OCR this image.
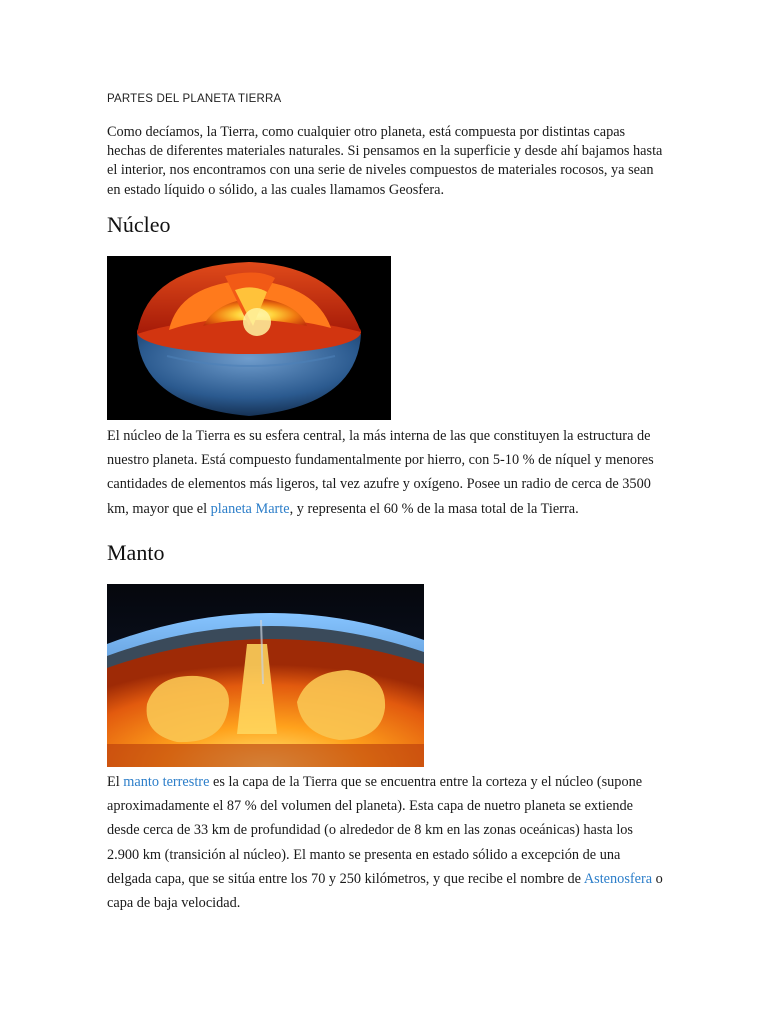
PARTES DEL PLANETA TIERRA

Como decíamos, la Tierra, como cualquier otro planeta, está compuesta por distintas capas hechas de diferentes materiales naturales. Si pensamos en la superficie y desde ahí bajamos hasta el interior, nos encontramos con una serie de niveles compuestos de materiales rocosos, ya sean en estado líquido o sólido, a las cuales llamamos Geosfera.

Núcleo

El núcleo de la Tierra es su esfera central, la más interna de las que constituyen la estructura de nuestro planeta. Está compuesto fundamentalmente por hierro, con 5-10 % de níquel y menores cantidades de elementos más ligeros, tal vez azufre y oxígeno. Posee un radio de cerca de 3500 km, mayor que el planeta Marte, y representa el 60 % de la masa total de la Tierra.

Manto

El manto terrestre es la capa de la Tierra que se encuentra entre la corteza y el núcleo (supone aproximadamente el 87 % del volumen del planeta). Esta capa de nuetro planeta se extiende desde cerca de 33 km de profundidad (o alrededor de 8 km en las zonas oceánicas) hasta los 2.900 km (transición al núcleo). El manto se presenta en estado sólido a excepción de una delgada capa, que se sitúa entre los 70 y 250 kilómetros, y que recibe el nombre de Astenosfera o capa de baja velocidad.
